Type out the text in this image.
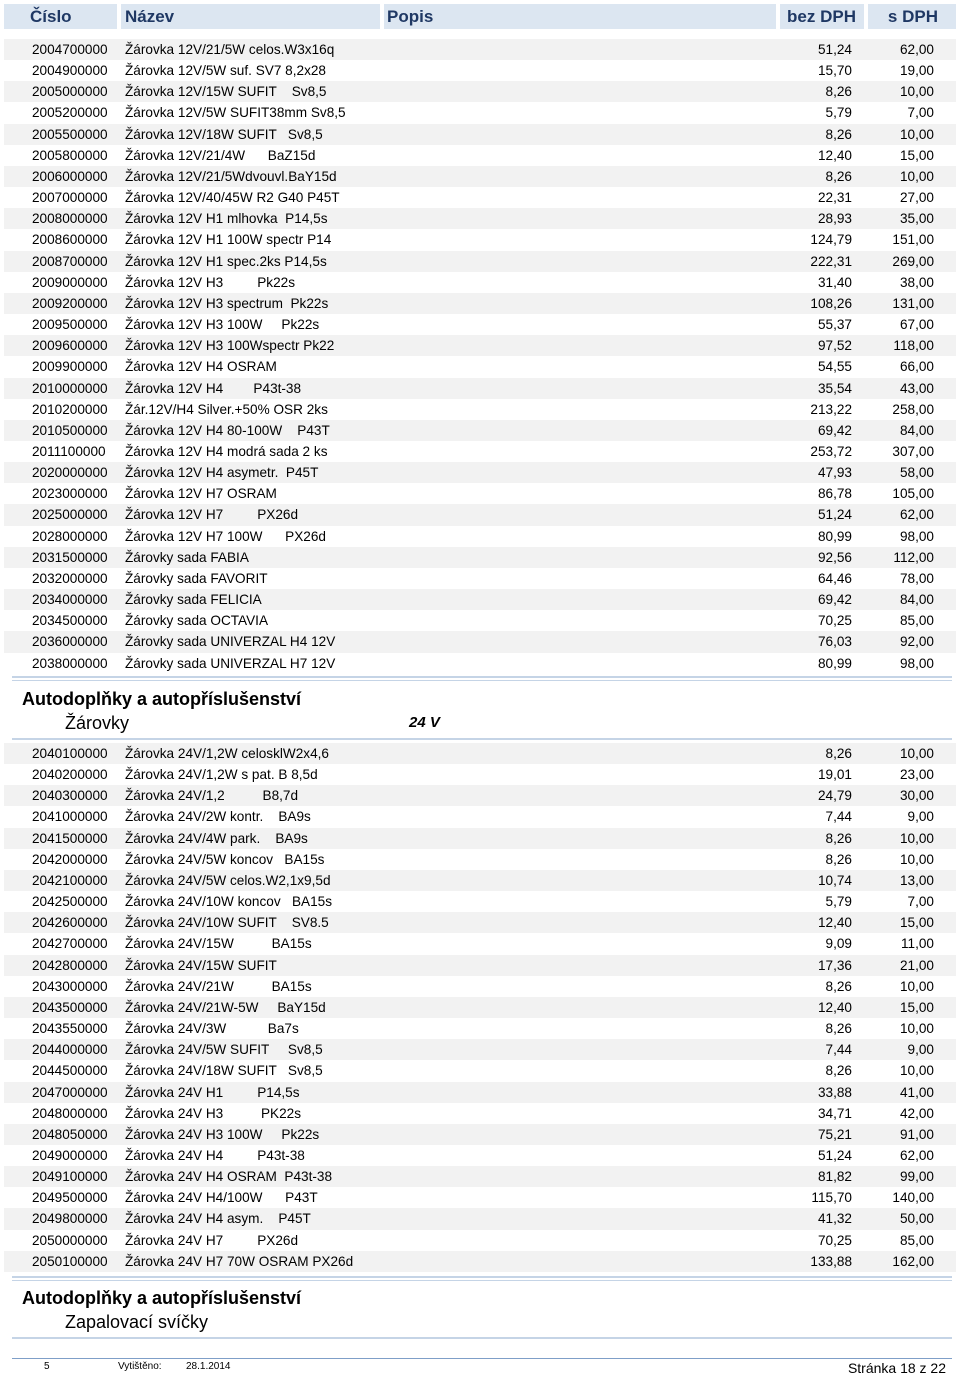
Číslo	Název	Popis	bez DPH	s DPH
2004700000 Žárovka 12V/21/5W celos.W3x16q	51,24	62,00
2004900000 Žárovka 12V/5W suf. SV7 8,2x28	15,70	19,00
2005000000 Žárovka 12V/15W SUFIT    Sv8,5	8,26	10,00
2005200000 Žárovka 12V/5W SUFIT38mm Sv8,5	5,79	7,00
2005500000 Žárovka 12V/18W SUFIT   Sv8,5	8,26	10,00
2005800000 Žárovka 12V/21/4W      BaZ15d	12,40	15,00
2006000000 Žárovka 12V/21/5Wdvouvl.BaY15d	8,26	10,00
2007000000 Žárovka 12V/40/45W R2 G40 P45T	22,31	27,00
2008000000 Žárovka 12V H1 mlhovka  P14,5s	28,93	35,00
2008600000 Žárovka 12V H1 100W spectr P14	124,79	151,00
2008700000 Žárovka 12V H1 spec.2ks P14,5s	222,31	269,00
2009000000 Žárovka 12V H3         Pk22s	31,40	38,00
2009200000 Žárovka 12V H3 spectrum  Pk22s	108,26	131,00
2009500000 Žárovka 12V H3 100W     Pk22s	55,37	67,00
2009600000 Žárovka 12V H3 100Wspectr Pk22	97,52	118,00
2009900000 Žárovka 12V H4 OSRAM	54,55	66,00
2010000000 Žárovka 12V H4        P43t-38	35,54	43,00
2010200000 Žár.12V/H4 Silver.+50% OSR 2ks	213,22	258,00
2010500000 Žárovka 12V H4 80-100W    P43T	69,42	84,00
2011100000 Žárovka 12V H4 modrá sada 2 ks	253,72	307,00
2020000000 Žárovka 12V H4 asymetr.  P45T	47,93	58,00
2023000000 Žárovka 12V H7 OSRAM	86,78	105,00
2025000000 Žárovka 12V H7         PX26d	51,24	62,00
2028000000 Žárovka 12V H7 100W      PX26d	80,99	98,00
2031500000 Žárovky sada FABIA	92,56	112,00
2032000000 Žárovky sada FAVORIT	64,46	78,00
2034000000 Žárovky sada FELICIA	69,42	84,00
2034500000 Žárovky sada OCTAVIA	70,25	85,00
2036000000 Žárovky sada UNIVERZAL H4 12V	76,03	92,00
2038000000 Žárovky sada UNIVERZAL H7 12V	80,99	98,00
Autodoplňky a autopříslušenství
Žárovky	24 V
2040100000 Žárovka 24V/1,2W celosklW2x4,6	8,26	10,00
2040200000 Žárovka 24V/1,2W s pat. B 8,5d	19,01	23,00
2040300000 Žárovka 24V/1,2          B8,7d	24,79	30,00
2041000000 Žárovka 24V/2W kontr.    BA9s	7,44	9,00
2041500000 Žárovka 24V/4W park.    BA9s	8,26	10,00
2042000000 Žárovka 24V/5W koncov   BA15s	8,26	10,00
2042100000 Žárovka 24V/5W celos.W2,1x9,5d	10,74	13,00
2042500000 Žárovka 24V/10W koncov   BA15s	5,79	7,00
2042600000 Žárovka 24V/10W SUFIT    SV8.5	12,40	15,00
2042700000 Žárovka 24V/15W          BA15s	9,09	11,00
2042800000 Žárovka 24V/15W SUFIT	17,36	21,00
2043000000 Žárovka 24V/21W          BA15s	8,26	10,00
2043500000 Žárovka 24V/21W-5W     BaY15d	12,40	15,00
2043550000 Žárovka 24V/3W           Ba7s	8,26	10,00
2044000000 Žárovka 24V/5W SUFIT     Sv8,5	7,44	9,00
2044500000 Žárovka 24V/18W SUFIT   Sv8,5	8,26	10,00
2047000000 Žárovka 24V H1         P14,5s	33,88	41,00
2048000000 Žárovka 24V H3          PK22s	34,71	42,00
2048050000 Žárovka 24V H3 100W     Pk22s	75,21	91,00
2049000000 Žárovka 24V H4         P43t-38	51,24	62,00
2049100000 Žárovka 24V H4 OSRAM  P43t-38	81,82	99,00
2049500000 Žárovka 24V H4/100W      P43T	115,70	140,00
2049800000 Žárovka 24V H4 asym.    P45T	41,32	50,00
2050000000 Žárovka 24V H7         PX26d	70,25	85,00
2050100000 Žárovka 24V H7 70W OSRAM PX26d	133,88	162,00
Autodoplňky a autopříslušenství
Zapalovací svíčky
5	Vytištěno: 28.1.2014	Stránka 18 z 22
